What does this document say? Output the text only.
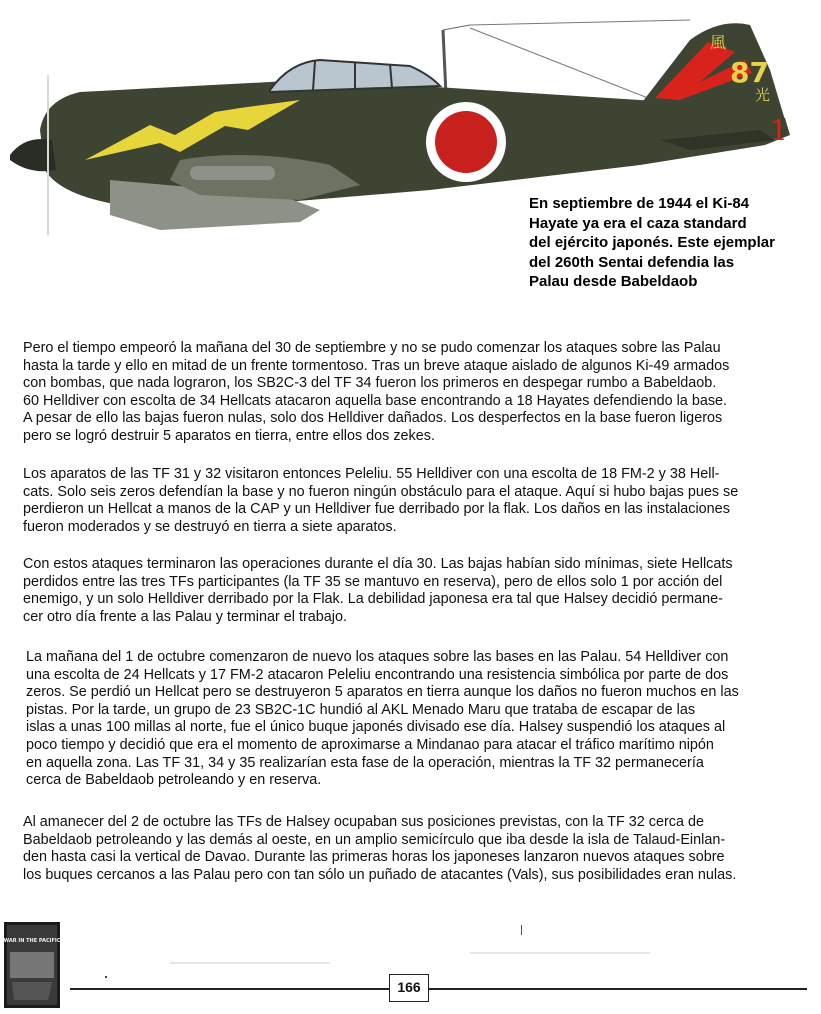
風
87
光
1
En septiembre de 1944 el Ki-84
Hayate ya era el caza standard
del ejército japonés. Este ejemplar
del 260th Sentai defendia las
Palau desde Babeldaob
Pero el tiempo empeoró la mañana del 30 de septiembre y no se pudo comenzar los ataques sobre las Palau
hasta la tarde y ello en mitad de un frente tormentoso. Tras un breve ataque aislado de algunos Ki-49 armados
con bombas, que nada lograron, los SB2C-3 del TF 34 fueron los primeros en despegar rumbo a Babeldaob.
60 Helldiver con escolta de 34 Hellcats atacaron aquella base encontrando a 18 Hayates defendiendo la base.
A pesar de ello las bajas fueron nulas, solo dos Helldiver dañados. Los desperfectos en la base fueron ligeros
pero se logró destruir 5 aparatos en tierra, entre ellos dos zekes.
Los aparatos de las TF 31 y 32 visitaron entonces Peleliu. 55 Helldiver con una escolta de 18 FM-2 y 38 Hell-
cats. Solo seis zeros defendían la base y no fueron ningún obstáculo para el ataque. Aquí si hubo bajas pues se
perdieron un Hellcat a manos de la CAP y un Helldiver fue derribado por la flak. Los daños en las instalaciones
fueron moderados y se destruyó en tierra a siete aparatos.
Con estos ataques terminaron las operaciones durante el día 30. Las bajas habían sido mínimas, siete Hellcats
perdidos entre las tres TFs participantes (la TF 35 se mantuvo en reserva), pero de ellos solo 1 por acción del
enemigo, y un solo Helldiver derribado por la Flak. La debilidad japonesa era tal que Halsey decidió permane-
cer otro día frente a las Palau y terminar el trabajo.
La mañana del 1 de octubre comenzaron de nuevo los ataques sobre las bases en las Palau. 54 Helldiver con
una escolta de 24 Hellcats y 17 FM-2 atacaron Peleliu encontrando una resistencia simbólica por parte de dos
zeros. Se perdió un Hellcat pero se destruyeron 5 aparatos en tierra aunque los daños no fueron muchos en las
pistas. Por la tarde, un grupo de 23 SB2C-1C hundió al AKL Menado Maru que trataba de escapar de las
islas a unas 100 millas al norte, fue el único buque japonés divisado ese día. Halsey suspendió los ataques al
poco tiempo y decidió que era el momento de aproximarse a Mindanao para atacar el tráfico marítimo nipón
en aquella zona. Las TF 31, 34 y 35 realizarían esta fase de la operación, mientras la TF 32 permanecería
cerca de Babeldaob petroleando y en reserva.
Al amanecer del 2 de octubre las TFs de Halsey ocupaban sus posiciones previstas, con la TF 32 cerca de
Babeldaob petroleando y las demás al oeste, en un amplio semicírculo que iba desde la isla de Talaud-Einlan-
den hasta casi la vertical de Davao. Durante las primeras horas los japoneses lanzaron nuevos ataques sobre
los buques cercanos a las Palau pero con tan sólo un puñado de atacantes (Vals), sus posibilidades eran nulas.
WAR IN THE PACIFIC
166
